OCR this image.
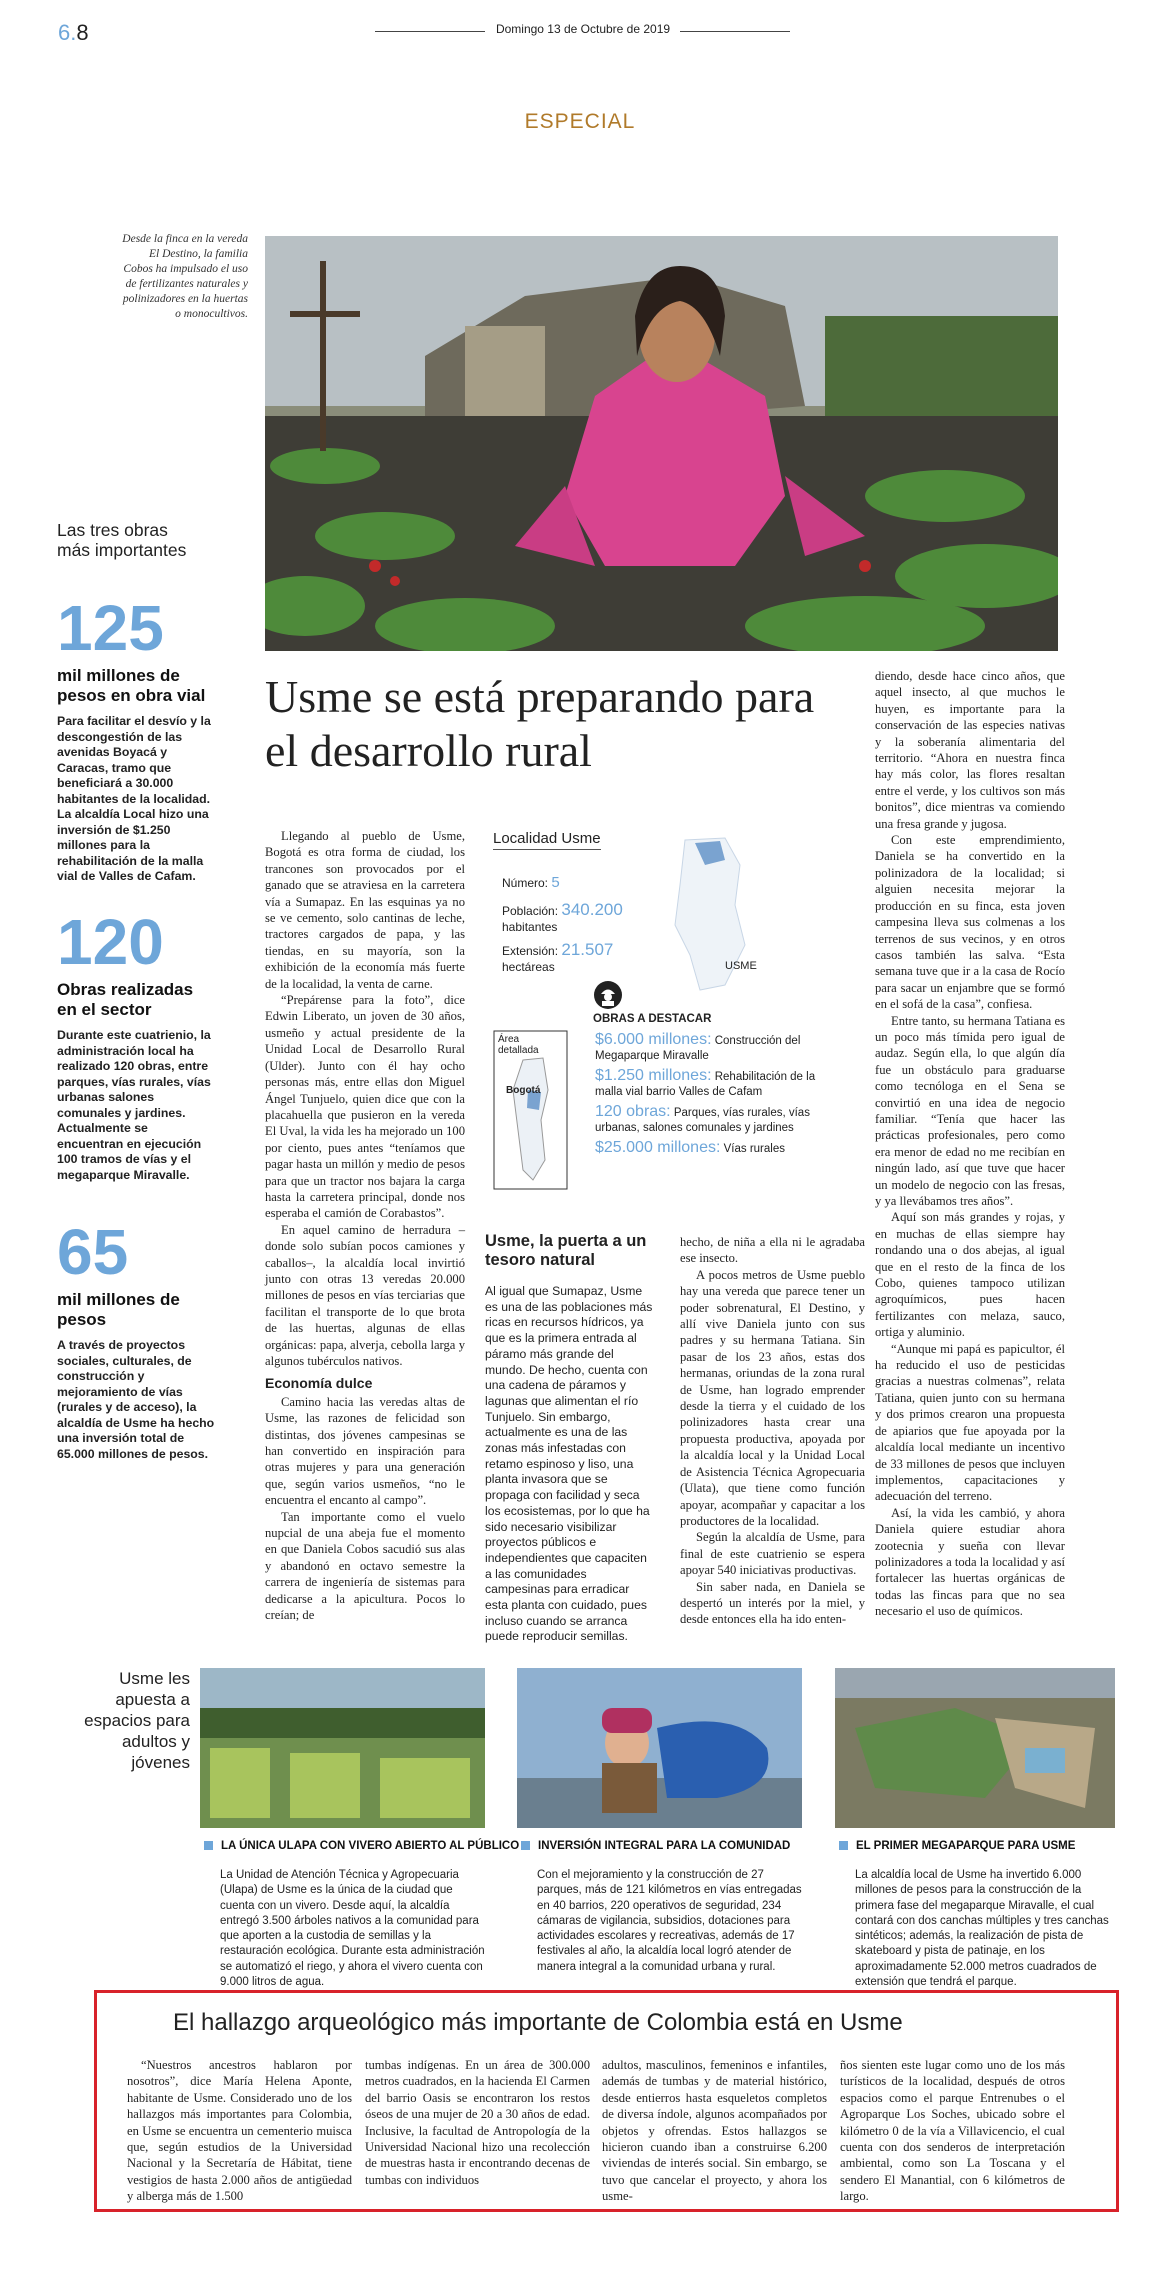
6.8	Domingo 13 de Octubre de 2019
ESPECIAL
Desde la finca en la vereda El Destino, la familia Cobos ha impulsado el uso de fertilizantes naturales y polinizadores en la huertas o monocultivos.
Las tres obras más importantes
125
mil millones de pesos en obra vial
Para facilitar el desvío y la descongestión de las avenidas Boyacá y Caracas, tramo que beneficiará a 30.000 habitantes de la localidad. La alcaldía Local hizo una inversión de $1.250 millones para la rehabilitación de la malla vial de Valles de Cafam.
120
Obras realizadas en el sector
Durante este cuatrienio, la administración local ha realizado 120 obras, entre parques, vías rurales, vías urbanas salones comunales y jardines. Actualmente se encuentran en ejecución 100 tramos de vías y el megaparque Miravalle.
65
mil millones de pesos
A través de proyectos sociales, culturales, de construcción y mejoramiento de vías (rurales y de acceso), la alcaldía de Usme ha hecho una inversión total de 65.000 millones de pesos.
Usme se está preparando para el desarrollo rural

Llegando al pueblo de Usme, Bogotá es otra forma de ciudad, los trancones son provocados por el ganado que se atraviesa en la carretera vía a Sumapaz. En las esquinas ya no se ve cemento, solo cantinas de leche, tractores cargados de papa, y las tiendas, en su mayoría, son la exhibición de la economía más fuerte de la localidad, la venta de carne.

“Prepárense para la foto”, dice Edwin Liberato, un joven de 30 años, usmeño y actual presidente de la Unidad Local de Desarrollo Rural (Ulder). Junto con él hay ocho personas más, entre ellas don Miguel Ángel Tunjuelo, quien dice que con la placahuella que pusieron en la vereda El Uval, la vida les ha mejorado un 100 por ciento, pues antes “teníamos que pagar hasta un millón y medio de pesos para que un tractor nos bajara la carga hasta la carretera principal, donde nos esperaba el camión de Corabastos”.

En aquel camino de herradura –donde solo subían pocos camiones y caballos–, la alcaldía local invirtió junto con otras 13 veredas 20.000 millones de pesos en vías terciarias que facilitan el transporte de lo que brota de las huertas, algunas de ellas orgánicas: papa, alverja, cebolla larga y algunos tubérculos nativos.

Economía dulce

Camino hacia las veredas altas de Usme, las razones de felicidad son distintas, dos jóvenes campesinas se han convertido en inspiración para otras mujeres y para una generación que, según varios usmeños, “no le encuentra el encanto al campo”.

Tan importante como el vuelo nupcial de una abeja fue el momento en que Daniela Cobos sacudió sus alas y abandonó en octavo semestre la carrera de ingeniería de sistemas para dedicarse a la apicultura. Pocos lo creían; de

Localidad Usme
Número: 5
Población: 340.200
habitantes
Extensión: 21.507
hectáreas	USME
OBRAS A DESTACAR
Área detallada
Bogotá
$6.000 millones: Construcción del Megaparque Miravalle
$1.250 millones: Rehabilitación de la malla vial barrio Valles de Cafam
120 obras: Parques, vías rurales, vías urbanas, salones comunales y jardines
$25.000 millones: Vías rurales
Usme, la puerta a un tesoro natural
Al igual que Sumapaz, Usme es una de las poblaciones más ricas en recursos hídricos, ya que es la primera entrada al páramo más grande del mundo. De hecho, cuenta con una cadena de páramos y lagunas que alimentan el río Tunjuelo. Sin embargo, actualmente es una de las zonas más infestadas con retamo espinoso y liso, una planta invasora que se propaga con facilidad y seca los ecosistemas, por lo que ha sido necesario visibilizar proyectos públicos e independientes que capaciten a las comunidades campesinas para erradicar esta planta con cuidado, pues incluso cuando se arranca puede reproducir semillas.

hecho, de niña a ella ni le agradaba ese insecto.

A pocos metros de Usme pueblo hay una vereda que parece tener un poder sobrenatural, El Destino, y allí vive Daniela junto con sus padres y su hermana Tatiana. Sin pasar de los 23 años, estas dos hermanas, oriundas de la zona rural de Usme, han logrado emprender desde la tierra y el cuidado de los polinizadores hasta crear una propuesta productiva, apoyada por la alcaldía local y la Unidad Local de Asistencia Técnica Agropecuaria (Ulata), que tiene como función apoyar, acompañar y capacitar a los productores de la localidad.

Según la alcaldía de Usme, para final de este cuatrienio se espera apoyar 540 iniciativas productivas.

Sin saber nada, en Daniela se despertó un interés por la miel, y desde entonces ella ha ido enten-

diendo, desde hace cinco años, que aquel insecto, al que muchos le huyen, es importante para la conservación de las especies nativas y la soberanía alimentaria del territorio. “Ahora en nuestra finca hay más color, las flores resaltan entre el verde, y los cultivos son más bonitos”, dice mientras va comiendo una fresa grande y jugosa.

Con este emprendimiento, Daniela se ha convertido en la polinizadora de la localidad; si alguien necesita mejorar la producción en su finca, esta joven campesina lleva sus colmenas a los terrenos de sus vecinos, y en otros casos también las salva. “Esta semana tuve que ir a la casa de Rocío para sacar un enjambre que se formó en el sofá de la casa”, confiesa.

Entre tanto, su hermana Tatiana es un poco más tímida pero igual de audaz. Según ella, lo que algún día fue un obstáculo para graduarse como tecnóloga en el Sena se convirtió en una idea de negocio familiar. “Tenía que hacer las prácticas profesionales, pero como era menor de edad no me recibían en ningún lado, así que tuve que hacer un modelo de negocio con las fresas, y ya llevábamos tres años”.

Aquí son más grandes y rojas, y en muchas de ellas siempre hay rondando una o dos abejas, al igual que en el resto de la finca de los Cobo, quienes tampoco utilizan agroquímicos, pues hacen fertilizantes con melaza, sauco, ortiga y aluminio.

“Aunque mi papá es papicultor, él ha reducido el uso de pesticidas gracias a nuestras colmenas”, relata Tatiana, quien junto con su hermana y dos primos crearon una propuesta de apiarios que fue apoyada por la alcaldía local mediante un incentivo de 33 millones de pesos que incluyen implementos, capacitaciones y adecuación del terreno.

Así, la vida les cambió, y ahora Daniela quiere estudiar ahora zootecnia y sueña con llevar polinizadores a toda la localidad y así fortalecer las huertas orgánicas de todas las fincas para que no sea necesario el uso de químicos.

Usme les apuesta a espacios para adultos y jóvenes
LA ÚNICA ULAPA CON VIVERO ABIERTO AL PÚBLICO	INVERSIÓN INTEGRAL PARA LA COMUNIDAD	EL PRIMER MEGAPARQUE PARA USME
La Unidad de Atención Técnica y Agropecuaria (Ulapa) de Usme es la única de la ciudad que cuenta con un vivero. Desde aquí, la alcaldía entregó 3.500 árboles nativos a la comunidad para que aporten a la custodia de semillas y la restauración ecológica. Durante esta administración se automatizó el riego, y ahora el vivero cuenta con 9.000 litros de agua.
Con el mejoramiento y la construcción de 27 parques, más de 121 kilómetros en vías entregadas en 40 barrios, 220 operativos de seguridad, 234 cámaras de vigilancia, subsidios, dotaciones para actividades escolares y recreativas, además de 17 festivales al año, la alcaldía local logró atender de manera integral a la comunidad urbana y rural.
La alcaldía local de Usme ha invertido 6.000 millones de pesos para la construcción de la primera fase del megaparque Miravalle, el cual contará con dos canchas múltiples y tres canchas sintéticos; además, la realización de pista de skateboard y pista de patinaje, en los aproximadamente 52.000 metros cuadrados de extensión que tendrá el parque.
El hallazgo arqueológico más importante de Colombia está en Usme
“Nuestros ancestros hablaron por nosotros”, dice María Helena Aponte, habitante de Usme. Considerado uno de los hallazgos más importantes para Colombia, en Usme se encuentra un cementerio muisca que, según estudios de la Universidad Nacional y la Secretaría de Hábitat, tiene vestigios de hasta 2.000 años de antigüedad y alberga más de 1.500
tumbas indígenas. En un área de 300.000 metros cuadrados, en la hacienda El Carmen del barrio Oasis se encontraron los restos óseos de una mujer de 20 a 30 años de edad. Inclusive, la facultad de Antropología de la Universidad Nacional hizo una recolección de muestras hasta ir encontrando decenas de tumbas con individuos
adultos, masculinos, femeninos e infantiles, además de tumbas y de material histórico, desde entierros hasta esqueletos completos de diversa índole, algunos acompañados por objetos y ofrendas. Estos hallazgos se hicieron cuando iban a construirse 6.200 viviendas de interés social. Sin embargo, se tuvo que cancelar el proyecto, y ahora los usme-
ños sienten este lugar como uno de los más turísticos de la localidad, después de otros espacios como el parque Entrenubes o el Agroparque Los Soches, ubicado sobre el kilómetro 0 de la vía a Villavicencio, el cual cuenta con dos senderos de interpretación ambiental, como son La Toscana y el sendero El Manantial, con 6 kilómetros de largo.
